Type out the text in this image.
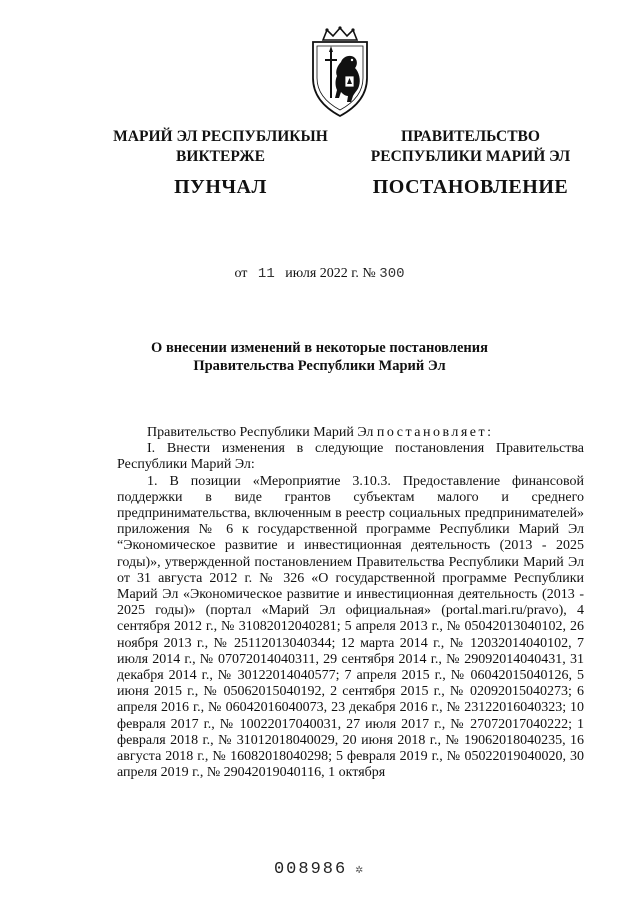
МАРИЙ ЭЛ РЕСПУБЛИКЫН
ВИКТЕРЖЕ
ПРАВИТЕЛЬСТВО
РЕСПУБЛИКИ МАРИЙ ЭЛ
ПУНЧАЛ	ПОСТАНОВЛЕНИЕ
от 11 июля 2022 г. № 300
О внесении изменений в некоторые постановления
Правительства Республики Марий Эл

Правительство Республики Марий Эл постановляет:

I. Внести изменения в следующие постановления Правительства Республики Марий Эл:

1. В позиции «Мероприятие 3.10.3. Предоставление финансовой поддержки в виде грантов субъектам малого и среднего предпринимательства, включенным в реестр социальных предпринимателей» приложения № 6 к государственной программе Республики Марий Эл “Экономическое развитие и инвестиционная деятельность (2013 - 2025 годы)», утвержденной постановлением Правительства Республики Марий Эл от 31 августа 2012 г. № 326 «О государственной программе Республики Марий Эл «Экономическое развитие и инвестиционная деятельность (2013 - 2025 годы)» (портал «Марий Эл официальная» (portal.mari.ru/pravo), 4 сентября 2012 г., № 31082012040281; 5 апреля 2013 г., № 05042013040102, 26 ноября 2013 г., № 25112013040344; 12 марта 2014 г., № 12032014040102, 7 июля 2014 г., № 07072014040311, 29 сентября 2014 г., № 29092014040431, 31 декабря 2014 г., № 30122014040577; 7 апреля 2015 г., № 06042015040126, 5 июня 2015 г., № 05062015040192, 2 сентября 2015 г., № 02092015040273; 6 апреля 2016 г., № 06042016040073, 23 декабря 2016 г., № 23122016040323; 10 февраля 2017 г., № 10022017040031, 27 июля 2017 г., № 27072017040222; 1 февраля 2018 г., № 31012018040029, 20 июня 2018 г., № 19062018040235, 16 августа 2018 г., № 16082018040298; 5 февраля 2019 г., № 05022019040020, 30 апреля 2019 г., № 29042019040116, 1 октября

008986 ✲
